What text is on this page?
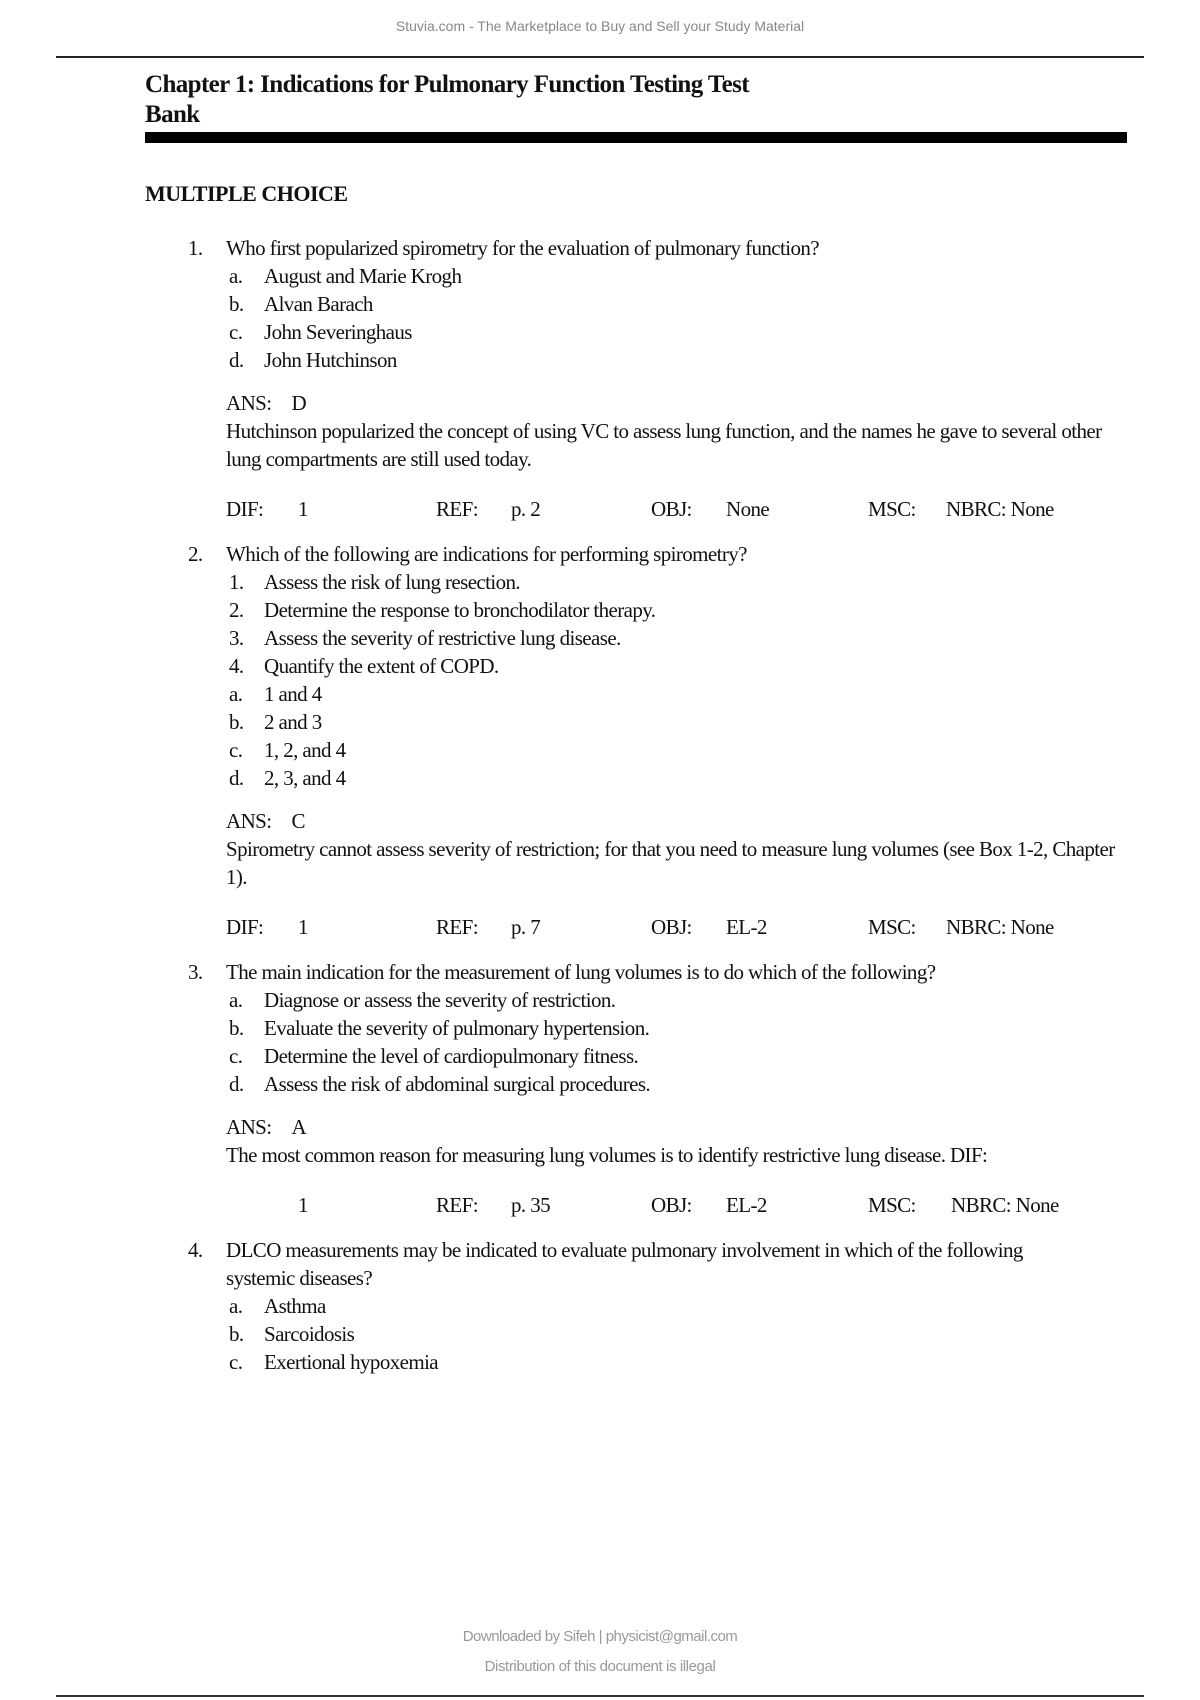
Stuvia.com - The Marketplace to Buy and Sell your Study Material
Chapter 1: Indications for Pulmonary Function Testing Test
Bank
MULTIPLE CHOICE
1.	Who first popularized spirometry for the evaluation of pulmonary function?
a.	August and Marie Krogh
b. Alvan Barach
c.	John Severinghaus
d. John Hutchinson
ANS: D
Hutchinson popularized the concept of using VC to assess lung function, and the names he gave to several other lung compartments are still used today.
DIF: 1	REF: p. 2	OBJ: None	MSC: NBRC: None
2.	Which of the following are indications for performing spirometry?
1. Assess the risk of lung resection.
2. Determine the response to bronchodilator therapy.
3. Assess the severity of restrictive lung disease.
4. Quantify the extent of COPD.
a.	1 and 4
b. 2 and 3
c.	1, 2, and 4
d. 2, 3, and 4
ANS: C
Spirometry cannot assess severity of restriction; for that you need to measure lung volumes (see Box 1-2, Chapter 1).
DIF: 1	REF: p. 7	OBJ: EL-2	MSC: NBRC: None
3.	The main indication for the measurement of lung volumes is to do which of the following?
a.	Diagnose or assess the severity of restriction.
b. Evaluate the severity of pulmonary hypertension.
c.	Determine the level of cardiopulmonary fitness.
d. Assess the risk of abdominal surgical procedures.
ANS: A
The most common reason for measuring lung volumes is to identify restrictive lung disease. DIF:
1	REF: p. 35	OBJ: EL-2	MSC: NBRC: None
4.	DLCO measurements may be indicated to evaluate pulmonary involvement in which of the following systemic diseases?
a.	Asthma
b. Sarcoidosis
c.	Exertional hypoxemia
Downloaded by Sifeh | physicist@gmail.com
Distribution of this document is illegal
